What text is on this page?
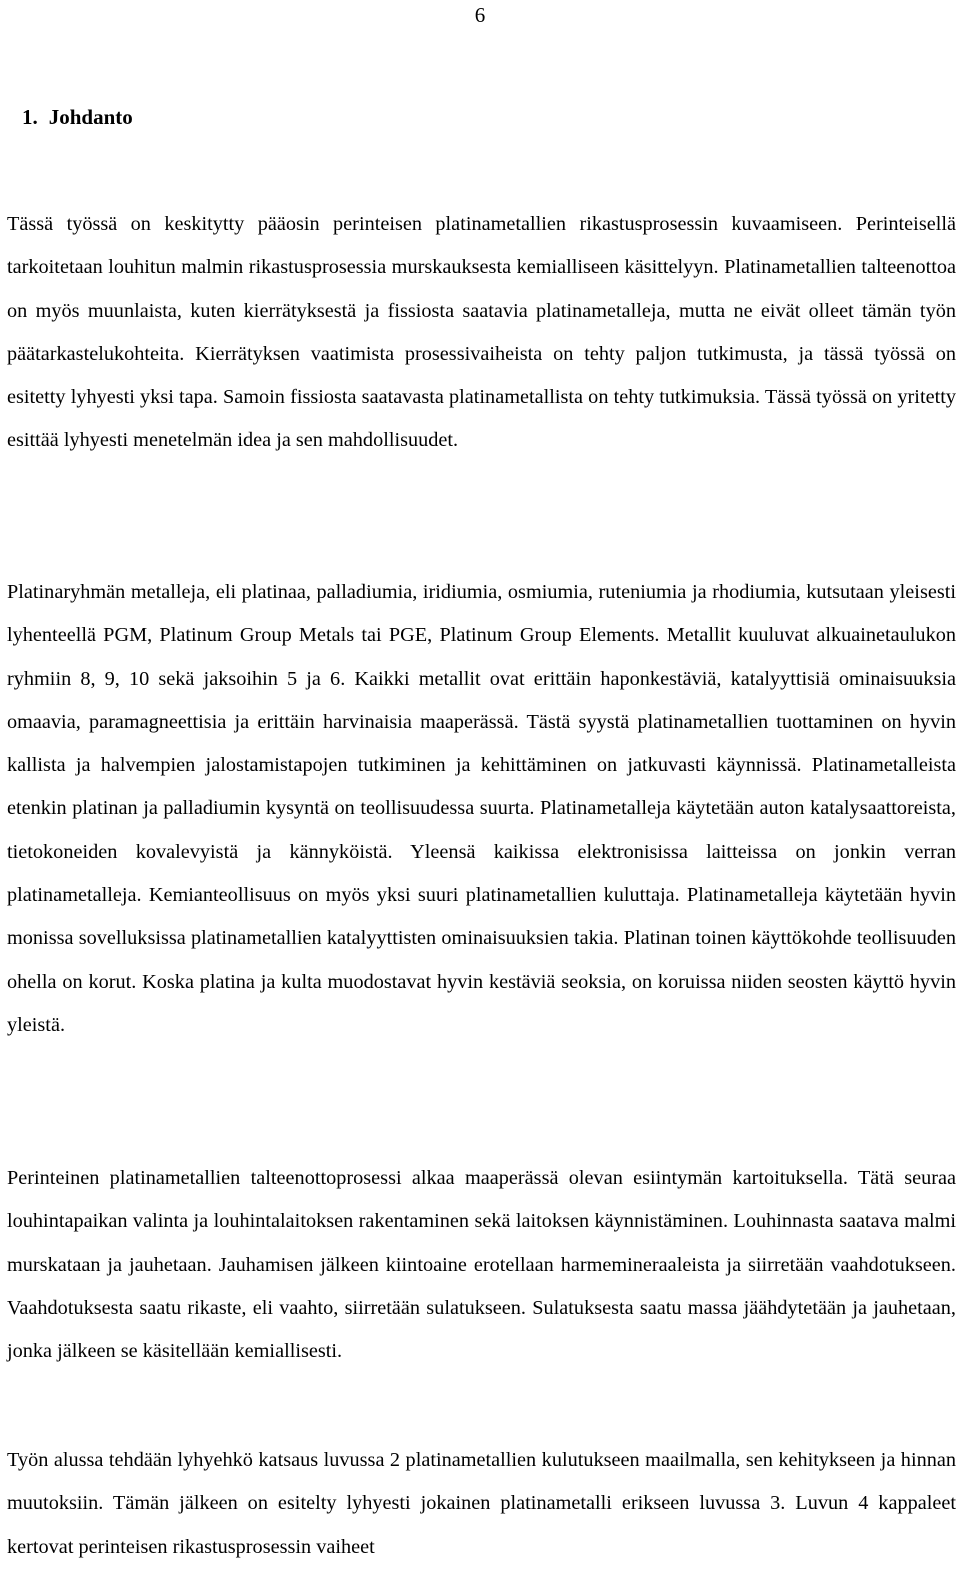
6
1. Johdanto

Tässä työssä on keskitytty pääosin perinteisen platinametallien rikastusprosessin kuvaamiseen. Perinteisellä tarkoitetaan louhitun malmin rikastusprosessia murskauksesta kemialliseen käsittelyyn. Platinametallien talteenottoa on myös muunlaista, kuten kierrätyksestä ja fissiosta saatavia platinametalleja, mutta ne eivät olleet tämän työn päätarkastelukohteita. Kierrätyksen vaatimista prosessivaiheista on tehty paljon tutkimusta, ja tässä työssä on esitetty lyhyesti yksi tapa. Samoin fissiosta saatavasta platinametallista on tehty tutkimuksia. Tässä työssä on yritetty esittää lyhyesti menetelmän idea ja sen mahdollisuudet.

Platinaryhmän metalleja, eli platinaa, palladiumia, iridiumia, osmiumia, ruteniumia ja rhodiumia, kutsutaan yleisesti lyhenteellä PGM, Platinum Group Metals tai PGE, Platinum Group Elements. Metallit kuuluvat alkuainetaulukon ryhmiin 8, 9, 10 sekä jaksoihin 5 ja 6. Kaikki metallit ovat erittäin haponkestäviä, katalyyttisiä ominaisuuksia omaavia, paramagneettisia ja erittäin harvinaisia maaperässä. Tästä syystä platinametallien tuottaminen on hyvin kallista ja halvempien jalostamistapojen tutkiminen ja kehittäminen on jatkuvasti käynnissä. Platinametalleista etenkin platinan ja palladiumin kysyntä on teollisuudessa suurta. Platinametalleja käytetään auton katalysaattoreista, tietokoneiden kovalevyistä ja kännyköistä. Yleensä kaikissa elektronisissa laitteissa on jonkin verran platinametalleja. Kemianteollisuus on myös yksi suuri platinametallien kuluttaja. Platinametalleja käytetään hyvin monissa sovelluksissa platinametallien katalyyttisten ominaisuuksien takia. Platinan toinen käyttökohde teollisuuden ohella on korut. Koska platina ja kulta muodostavat hyvin kestäviä seoksia, on koruissa niiden seosten käyttö hyvin yleistä.

Perinteinen platinametallien talteenottoprosessi alkaa maaperässä olevan esiintymän kartoituksella. Tätä seuraa louhintapaikan valinta ja louhintalaitoksen rakentaminen sekä laitoksen käynnistäminen. Louhinnasta saatava malmi murskataan ja jauhetaan. Jauhamisen jälkeen kiintoaine erotellaan harmemineraaleista ja siirretään vaahdotukseen. Vaahdotuksesta saatu rikaste, eli vaahto, siirretään sulatukseen. Sulatuksesta saatu massa jäähdytetään ja jauhetaan, jonka jälkeen se käsitellään kemiallisesti.

Työn alussa tehdään lyhyehkö katsaus luvussa 2 platinametallien kulutukseen maailmalla, sen kehitykseen ja hinnan muutoksiin. Tämän jälkeen on esitelty lyhyesti jokainen platinametalli erikseen luvussa 3. Luvun 4 kappaleet kertovat perinteisen rikastusprosessin vaiheet
